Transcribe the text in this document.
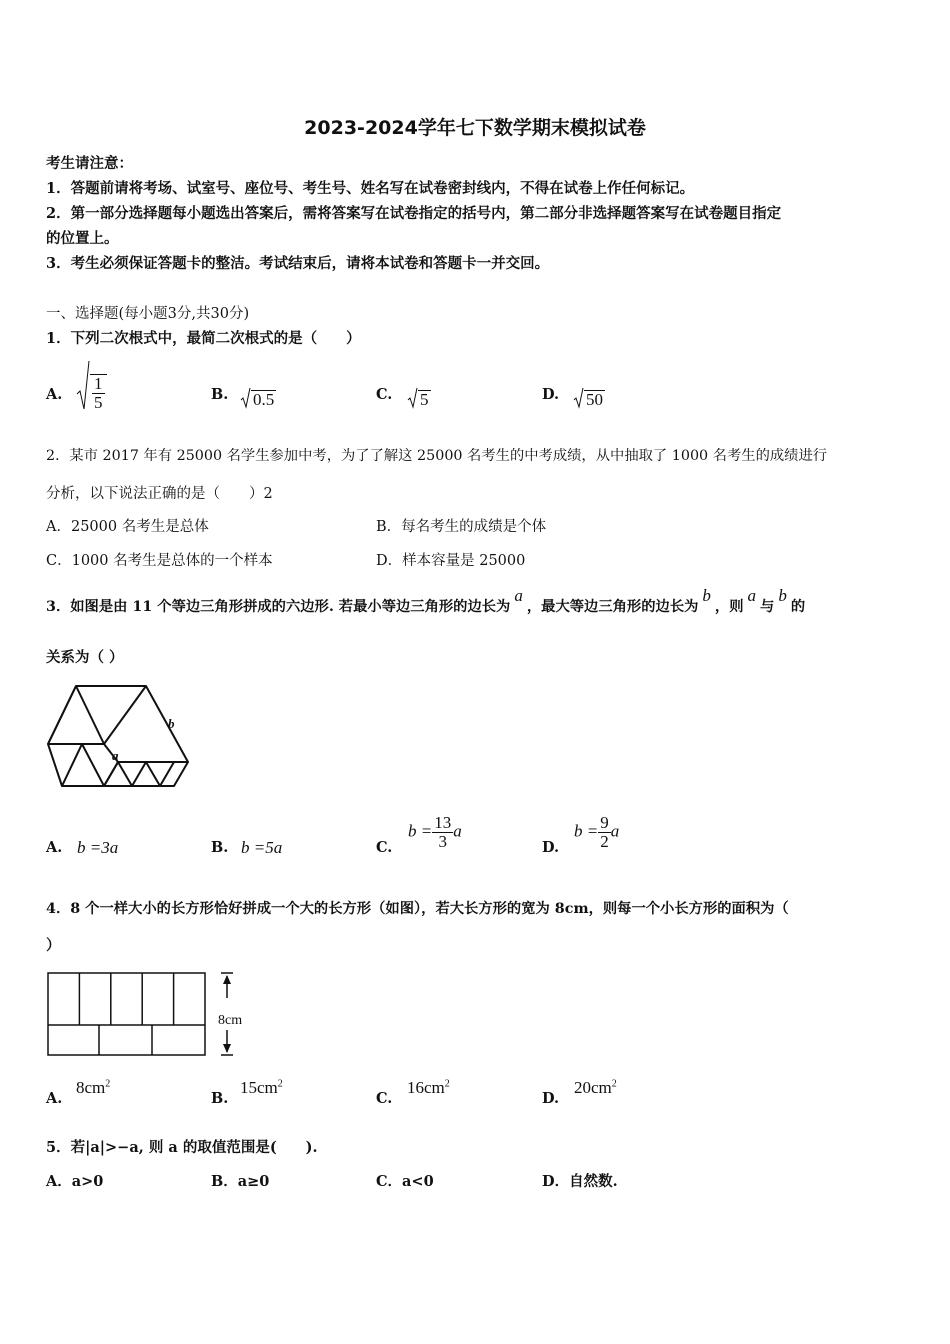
2023-2024学年七下数学期末模拟试卷
考生请注意：
1．答题前请将考场、试室号、座位号、考生号、姓名写在试卷密封线内，不得在试卷上作任何标记。
2．第一部分选择题每小题选出答案后，需将答案写在试卷指定的括号内，第二部分非选择题答案写在试卷题目指定
的位置上。
3．考生必须保证答题卡的整洁。考试结束后，请将本试卷和答题卡一并交回。
一、选择题(每小题3分,共30分)
1．下列二次根式中，最简二次根式的是（　　）
A. $\frac{1}{5}$	B. 0.5	C. 5	D. 50
2．某市 2017 年有 25000 名学生参加中考，为了了解这 25000 名考生的中考成绩，从中抽取了 1000 名考生的成绩进行
分析，以下说法正确的是（　　）2
A．25000 名考生是总体	B．每名考生的成绩是个体
C．1000 名考生是总体的一个样本	D．样本容量是 25000
3．如图是由 11 个等边三角形拼成的六边形. 若最小等边三角形的边长为a，最大等边三角形的边长为b，则a与b的
关系为（ ）
a
b
A. b =3a	B. b =5a	C.
$b = \frac{13}{3}$ a
D.
$b = \frac{9}{2}$ a
4．8 个一样大小的长方形恰好拼成一个大的长方形（如图），若大长方形的宽为 8cm，则每一个小长方形的面积为（
）
8cm
A.
$8cm^2$
B.
$15cm^2$
C.
$16cm^2$
D.
$20cm^2$
5．若|a|>−a, 则 a 的取值范围是(　　).
A．a>0	B．a≥0	C．a<0	D．自然数.
